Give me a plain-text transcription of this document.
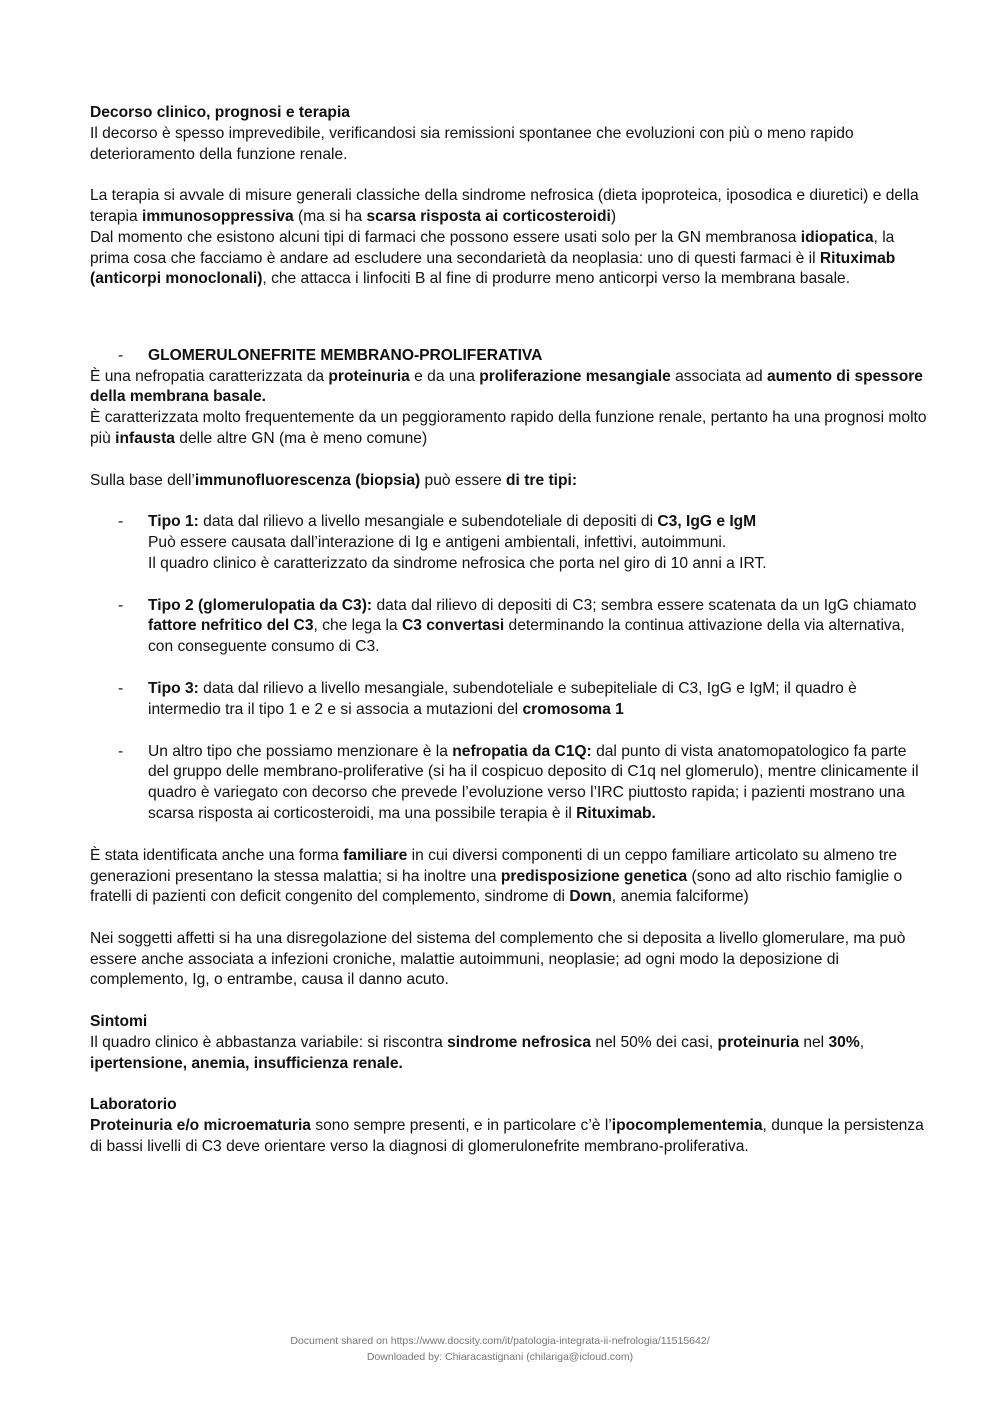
Decorso clinico, prognosi e terapia

Il decorso è spesso imprevedibile, verificandosi sia remissioni spontanee che evoluzioni con più o meno rapido deterioramento della funzione renale.

La terapia si avvale di misure generali classiche della sindrome nefrosica (dieta ipoproteica, iposodica e diuretici) e della terapia immunosoppressiva (ma si ha scarsa risposta ai corticosteroidi)

Dal momento che esistono alcuni tipi di farmaci che possono essere usati solo per la GN membranosa idiopatica, la prima cosa che facciamo è andare ad escludere una secondarietà da neoplasia: uno di questi farmaci è il Rituximab (anticorpi monoclonali), che attacca i linfociti B al fine di produrre meno anticorpi verso la membrana basale.

- GLOMERULONEFRITE MEMBRANO-PROLIFERATIVA

È una nefropatia caratterizzata da proteinuria e da una proliferazione mesangiale associata ad aumento di spessore della membrana basale.

È caratterizzata molto frequentemente da un peggioramento rapido della funzione renale, pertanto ha una prognosi molto più infausta delle altre GN (ma è meno comune)

Sulla base dell’immunofluorescenza (biopsia) può essere di tre tipi:

- Tipo 1: data dal rilievo a livello mesangiale e subendoteliale di depositi di C3, IgG e IgM
Può essere causata dall’interazione di Ig e antigeni ambientali, infettivi, autoimmuni.
Il quadro clinico è caratterizzato da sindrome nefrosica che porta nel giro di 10 anni a IRT.
- Tipo 2 (glomerulopatia da C3): data dal rilievo di depositi di C3; sembra essere scatenata da un IgG chiamato fattore nefritico del C3, che lega la C3 convertasi determinando la continua attivazione della via alternativa, con conseguente consumo di C3.
- Tipo 3: data dal rilievo a livello mesangiale, subendoteliale e subepiteliale di C3, IgG e IgM; il quadro è intermedio tra il tipo 1 e 2 e si associa a mutazioni del cromosoma 1
- Un altro tipo che possiamo menzionare è la nefropatia da C1Q: dal punto di vista anatomopatologico fa parte del gruppo delle membrano-proliferative (si ha il cospicuo deposito di C1q nel glomerulo), mentre clinicamente il quadro è variegato con decorso che prevede l’evoluzione verso l’IRC piuttosto rapida; i pazienti mostrano una scarsa risposta ai corticosteroidi, ma una possibile terapia è il Rituximab.

È stata identificata anche una forma familiare in cui diversi componenti di un ceppo familiare articolato su almeno tre generazioni presentano la stessa malattia; si ha inoltre una predisposizione genetica (sono ad alto rischio famiglie o fratelli di pazienti con deficit congenito del complemento, sindrome di Down, anemia falciforme)

Nei soggetti affetti si ha una disregolazione del sistema del complemento che si deposita a livello glomerulare, ma può essere anche associata a infezioni croniche, malattie autoimmuni, neoplasie; ad ogni modo la deposizione di complemento, Ig, o entrambe, causa il danno acuto.

Sintomi

Il quadro clinico è abbastanza variabile: si riscontra sindrome nefrosica nel 50% dei casi, proteinuria nel 30%, ipertensione, anemia, insufficienza renale.

Laboratorio

Proteinuria e/o microematuria sono sempre presenti, e in particolare c’è l’ipocomplementemia, dunque la persistenza di bassi livelli di C3 deve orientare verso la diagnosi di glomerulonefrite membrano-proliferativa.

Document shared on https://www.docsity.com/it/patologia-integrata-ii-nefrologia/11515642/
Downloaded by: Chiaracastignani (chilariga@icloud.com)
